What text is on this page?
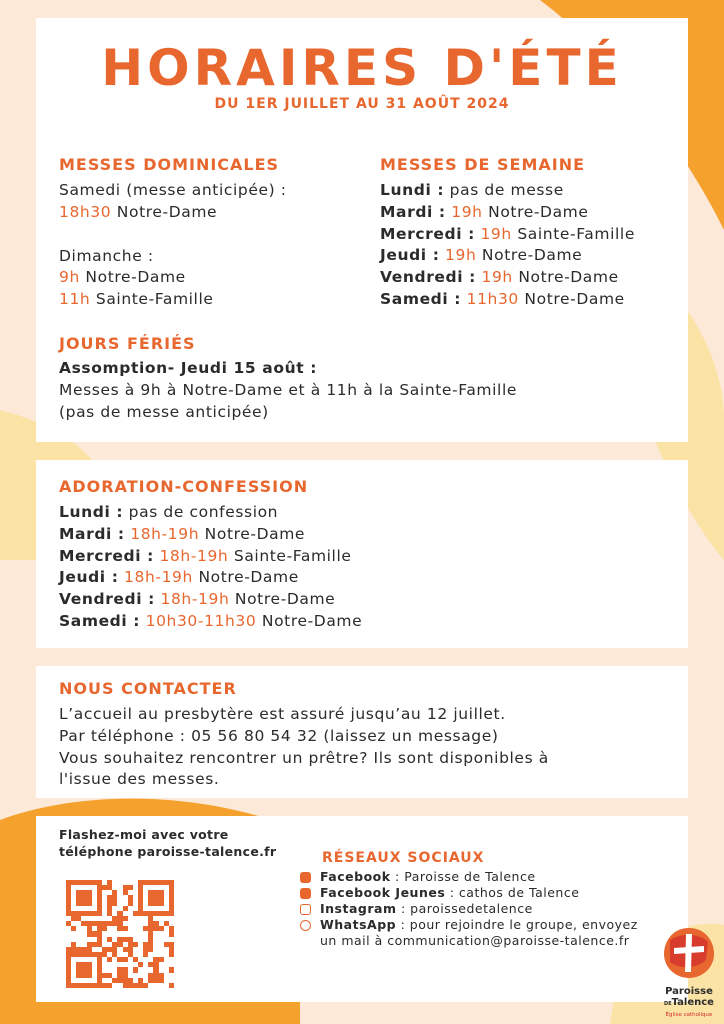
HORAIRES D'ÉTÉ
DU 1ER JUILLET AU 31 AOÛT 2024
MESSES DOMINICALES
Samedi (messe anticipée) :
18h30 Notre-Dame
Dimanche :
9h Notre-Dame
11h Sainte-Famille
MESSES DE SEMAINE
Lundi : pas de messe
Mardi : 19h Notre-Dame
Mercredi : 19h Sainte-Famille
Jeudi : 19h Notre-Dame
Vendredi : 19h Notre-Dame
Samedi : 11h30 Notre-Dame
JOURS FÉRIÉS
Assomption- Jeudi 15 août :
Messes à 9h à Notre-Dame et à 11h à la Sainte-Famille
(pas de messe anticipée)
ADORATION-CONFESSION
Lundi : pas de confession
Mardi : 18h-19h Notre-Dame
Mercredi : 18h-19h Sainte-Famille
Jeudi : 18h-19h Notre-Dame
Vendredi : 18h-19h Notre-Dame
Samedi : 10h30-11h30 Notre-Dame
NOUS CONTACTER
L’accueil au presbytère est assuré jusqu’au 12 juillet.
Par téléphone : 05 56 80 54 32 (laissez un message)
Vous souhaitez rencontrer un prêtre? Ils sont disponibles à
l'issue des messes.
Flashez-moi avec votre
téléphone paroisse-talence.fr	RÉSEAUX SOCIAUX
Facebook : Paroisse de Talence
Facebook Jeunes : cathos de Talence
Instagram : paroissedetalence
WhatsApp : pour rejoindre le groupe, envoyez
un mail à communication@paroisse-talence.fr
Paroisse
DETalence
Église catholique
